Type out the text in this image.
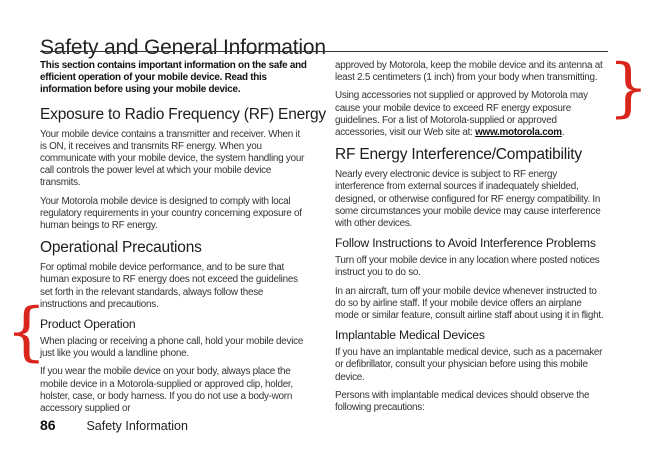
Safety and General Information

This section contains important information on the safe and efficient operation of your mobile device. Read this information before using your mobile device.

Exposure to Radio Frequency (RF) Energy

Your mobile device contains a transmitter and receiver. When it is ON, it receives and transmits RF energy. When you communicate with your mobile device, the system handling your call controls the power level at which your mobile device transmits.

Your Motorola mobile device is designed to comply with local regulatory requirements in your country concerning exposure of human beings to RF energy.

Operational Precautions

For optimal mobile device performance, and to be sure that human exposure to RF energy does not exceed the guidelines set forth in the relevant standards, always follow these instructions and precautions.

Product Operation

When placing or receiving a phone call, hold your mobile device just like you would a landline phone.

If you wear the mobile device on your body, always place the mobile device in a Motorola-supplied or approved clip, holder, holster, case, or body harness. If you do not use a body-worn accessory supplied or

approved by Motorola, keep the mobile device and its antenna at least 2.5 centimeters (1 inch) from your body when transmitting.

Using accessories not supplied or approved by Motorola may cause your mobile device to exceed RF energy exposure guidelines. For a list of Motorola-supplied or approved accessories, visit our Web site at: www.motorola.com.

RF Energy Interference/Compatibility

Nearly every electronic device is subject to RF energy interference from external sources if inadequately shielded, designed, or otherwise configured for RF energy compatibility. In some circumstances your mobile device may cause interference with other devices.

Follow Instructions to Avoid Interference Problems

Turn off your mobile device in any location where posted notices instruct you to do so.

In an aircraft, turn off your mobile device whenever instructed to do so by airline staff. If your mobile device offers an airplane mode or similar feature, consult airline staff about using it in flight.

Implantable Medical Devices

If you have an implantable medical device, such as a pacemaker or defibrillator, consult your physician before using this mobile device.

Persons with implantable medical devices should observe the following precautions:

{
}
86 Safety Information
